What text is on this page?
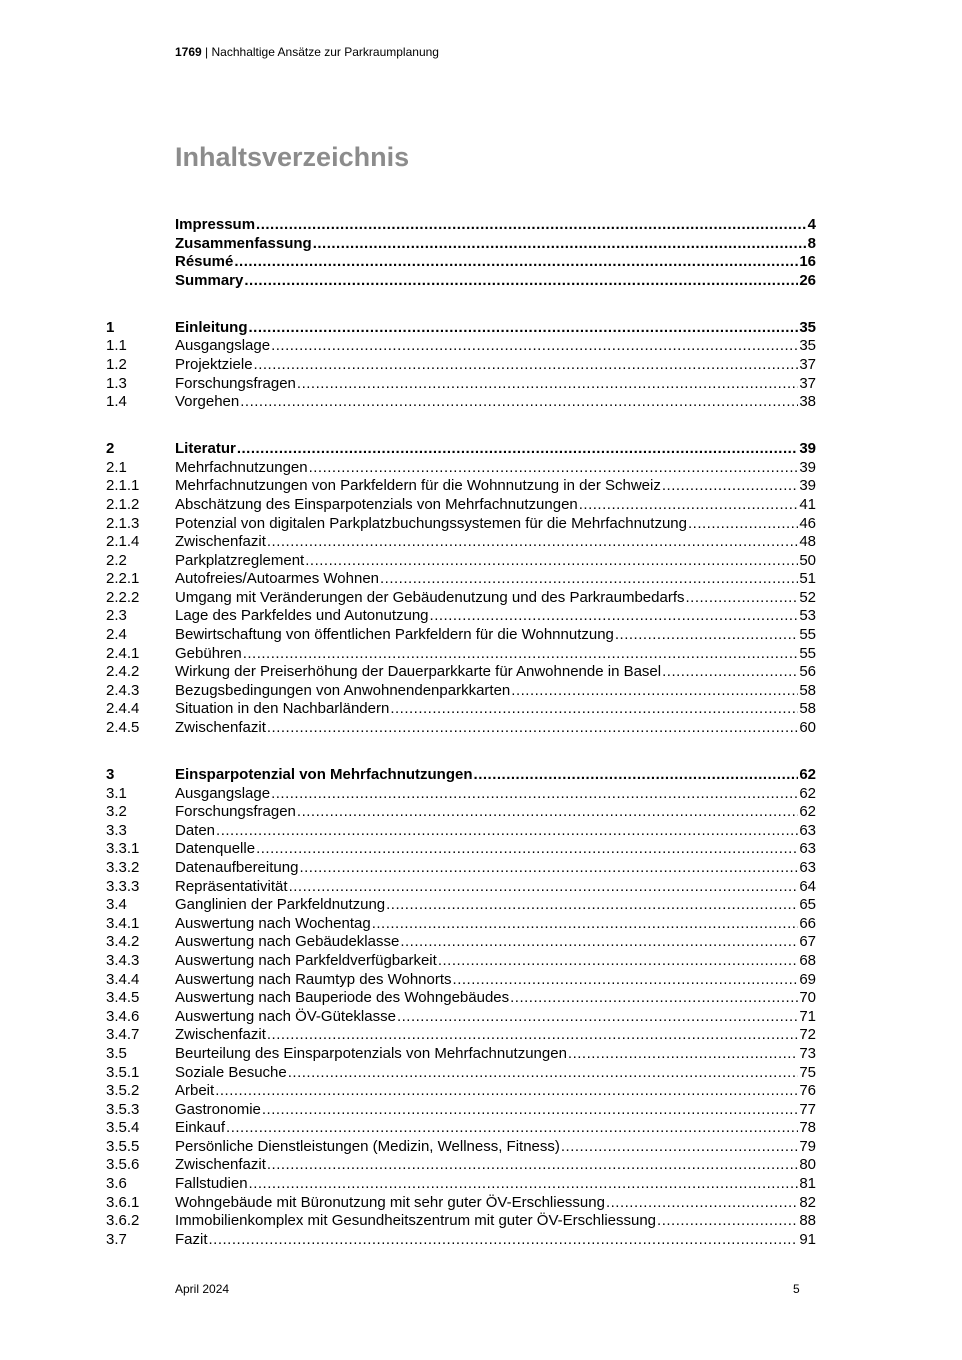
1769 | Nachhaltige Ansätze zur Parkraumplanung
Inhaltsverzeichnis
Impressum .....	4
Zusammenfassung .....	8
Résumé .....	16
Summary .....	26
1	Einleitung .....	35
1.1	Ausgangslage .....	35
1.2	Projektziele .....	37
1.3	Forschungsfragen .....	37
1.4	Vorgehen .....	38
2	Literatur .....	39
2.1	Mehrfachnutzungen .....	39
2.1.1 Mehrfachnutzungen von Parkfeldern für die Wohnnutzung in der Schweiz .....	39
2.1.2 Abschätzung des Einsparpotenzials von Mehrfachnutzungen .....	41
2.1.3 Potenzial von digitalen Parkplatzbuchungssystemen für die Mehrfachnutzung .....	46
2.1.4 Zwischenfazit .....	48
2.2	Parkplatzreglement .....	50
2.2.1 Autofreies/Autoarmes Wohnen .....	51
2.2.2 Umgang mit Veränderungen der Gebäudenutzung und des Parkraumbedarfs .....	52
2.3	Lage des Parkfeldes und Autonutzung .....	53
2.4	Bewirtschaftung von öffentlichen Parkfeldern für die Wohnnutzung .....	55
2.4.1 Gebühren .....	55
2.4.2 Wirkung der Preiserhöhung der Dauerparkkarte für Anwohnende in Basel .....	56
2.4.3 Bezugsbedingungen von Anwohnendenparkkarten .....	58
2.4.4 Situation in den Nachbarländern .....	58
2.4.5 Zwischenfazit .....	60
3	Einsparpotenzial von Mehrfachnutzungen .....	62
3.1	Ausgangslage .....	62
3.2	Forschungsfragen .....	62
3.3	Daten .....	63
3.3.1 Datenquelle .....	63
3.3.2 Datenaufbereitung .....	63
3.3.3 Repräsentativität .....	64
3.4	Ganglinien der Parkfeldnutzung .....	65
3.4.1 Auswertung nach Wochentag .....	66
3.4.2 Auswertung nach Gebäudeklasse .....	67
3.4.3 Auswertung nach Parkfeldverfügbarkeit .....	68
3.4.4 Auswertung nach Raumtyp des Wohnorts .....	69
3.4.5 Auswertung nach Bauperiode des Wohngebäudes .....	70
3.4.6 Auswertung nach ÖV-Güteklasse .....	71
3.4.7 Zwischenfazit .....	72
3.5	Beurteilung des Einsparpotenzials von Mehrfachnutzungen .....	73
3.5.1 Soziale Besuche .....	75
3.5.2 Arbeit .....	76
3.5.3 Gastronomie .....	77
3.5.4 Einkauf .....	78
3.5.5 Persönliche Dienstleistungen (Medizin, Wellness, Fitness) .....	79
3.5.6 Zwischenfazit .....	80
3.6	Fallstudien .....	81
3.6.1 Wohngebäude mit Büronutzung mit sehr guter ÖV-Erschliessung .....	82
3.6.2 Immobilienkomplex mit Gesundheitszentrum mit guter ÖV-Erschliessung .....	88
3.7	Fazit .....	91
April 2024	5
